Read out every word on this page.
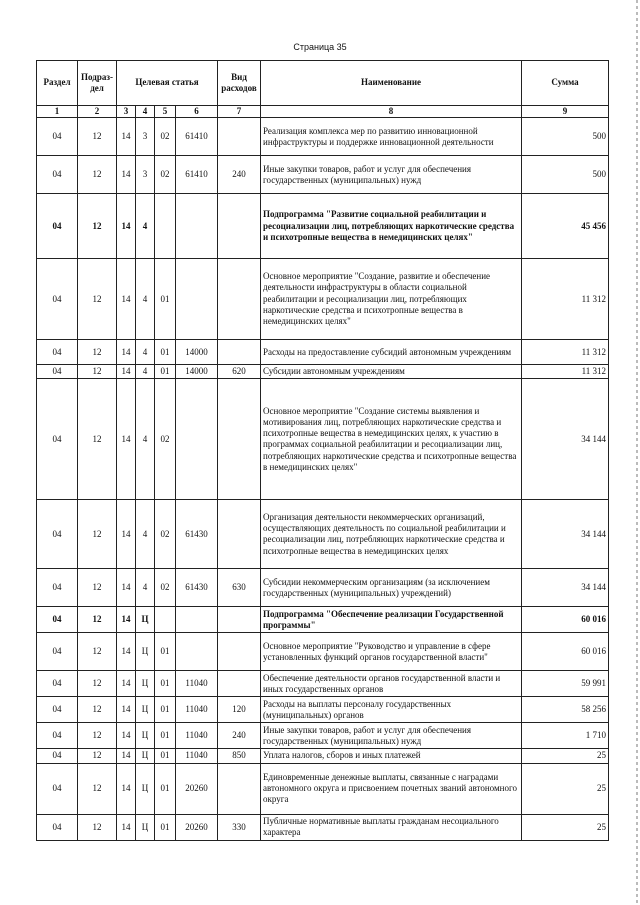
Страница 35
Раздел	Подраз-дел	Целевая статья				Вид расходов	Наименование	Сумма
1	2	3	4	5	6	7	8	9
04	12	14	3	02	61410		Реализация комплекса мер по развитию инновационной инфраструктуры и поддержке инновационной деятельности	500
04	12	14	3	02	61410	240	Иные закупки товаров, работ и услуг для обеспечения государственных (муниципальных) нужд	500
04	12	14	4				Подпрограмма "Развитие социальной реабилитации и ресоциализации лиц, потребляющих наркотические средства и психотропные вещества в немедицинских целях"	45 456
04	12	14	4	01			Основное мероприятие "Создание, развитие и обеспечение деятельности инфраструктуры в области социальной реабилитации и ресоциализации лиц, потребляющих наркотические средства и психотропные вещества в немедицинских целях"	11 312
04	12	14	4	01	14000		Расходы на предоставление субсидий автономным учреждениям	11 312
04	12	14	4	01	14000	620	Субсидии автономным учреждениям	11 312
04	12	14	4	02			Основное мероприятие "Создание системы выявления и мотивирования лиц, потребляющих наркотические средства и психотропные вещества в немедицинских целях, к участию в программах социальной реабилитации и ресоциализации лиц, потребляющих наркотические средства и психотропные вещества в немедицинских целях"	34 144
04	12	14	4	02	61430		Организация деятельности некоммерческих организаций, осуществляющих деятельность по социальной реабилитации и ресоциализации лиц, потребляющих наркотические средства и психотропные вещества в немедицинских целях	34 144
04	12	14	4	02	61430	630	Субсидии некоммерческим организациям (за исключением государственных (муниципальных) учреждений)	34 144
04	12	14	Ц				Подпрограмма "Обеспечение реализации Государственной программы"	60 016
04	12	14	Ц	01			Основное мероприятие "Руководство и управление в сфере установленных функций органов государственной власти"	60 016
04	12	14	Ц	01	11040		Обеспечение деятельности органов государственной власти и иных государственных органов	59 991
04	12	14	Ц	01	11040	120	Расходы на выплаты персоналу государственных (муниципальных) органов	58 256
04	12	14	Ц	01	11040	240	Иные закупки товаров, работ и услуг для обеспечения государственных (муниципальных) нужд	1 710
04	12	14	Ц	01	11040	850	Уплата налогов, сборов и иных платежей	25
04	12	14	Ц	01	20260		Единовременные денежные выплаты, связанные с наградами автономного округа и присвоением почетных званий автономного округа	25
04	12	14	Ц	01	20260	330	Публичные нормативные выплаты гражданам несоциального характера	25
